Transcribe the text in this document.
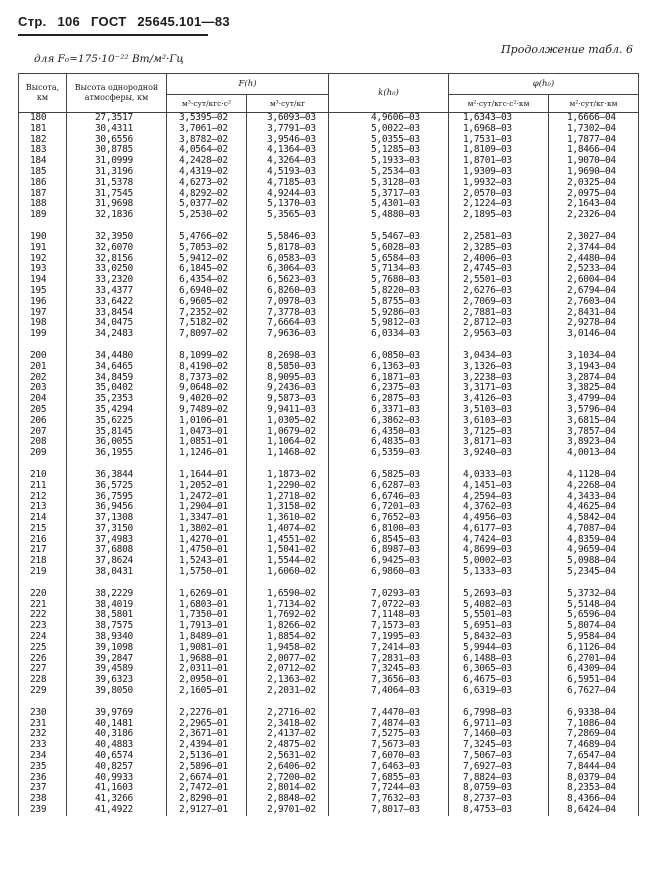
Стр. 106 ГОСТ 25645.101—83
для F₀=175·10⁻²² Вт/м²·Гц
Продолжение табл. 6
Высота, км	Высота однородной атмосферы, км	F(h)		k(h₀)	φ(h₀)	
		м³·сут/кгс·с²	м³·сут/кг		м²·сут/кгс·с²·км	м²·сут/кг·км
180	27,3517	3,5395—02	3,6093—03	4,9606—03	1,6343—03	1,6666—04
181	30,4311	3,7061—02	3,7791—03	5,0022—03	1,6968—03	1,7302—04
182	30,6556	3,8782—02	3,9546—03	5,0355—03	1,7531—03	1,7877—04
183	30,8785	4,0564—02	4,1364—03	5,1285—03	1,8109—03	1,8466—04
184	31,0999	4,2428—02	4,3264—03	5,1933—03	1,8701—03	1,9070—04
185	31,3196	4,4319—02	4,5193—03	5,2534—03	1,9309—03	1,9690—04
186	31,5378	4,6273—02	4,7185—03	5,3128—03	1,9932—03	2,0325—04
187	31,7545	4,8292—02	4,9244—03	5,3717—03	2,0570—03	2,0975—04
188	31,9698	5,0377—02	5,1370—03	5,4301—03	2,1224—03	2,1643—04
189	32,1836	5,2530—02	5,3565—03	5,4880—03	2,1895—03	2,2326—04

190	32,3950	5,4766—02	5,5846—03	5,5467—03	2,2581—03	2,3027—04
191	32,6070	5,7053—02	5,8178—03	5,6028—03	2,3285—03	2,3744—04
192	32,8156	5,9412—02	6,0583—03	5,6584—03	2,4006—03	2,4480—04
193	33,0250	6,1845—02	6,3064—03	5,7134—03	2,4745—03	2,5233—04
194	33,2320	6,4354—02	6,5623—03	5,7680—03	2,5501—03	2,6004—04
195	33,4377	6,6940—02	6,8260—03	5,8220—03	2,6276—03	2,6794—04
196	33,6422	6,9605—02	7,0978—03	5,8755—03	2,7069—03	2,7603—04
197	33,8454	7,2352—02	7,3778—03	5,9286—03	2,7881—03	2,8431—04
198	34,0475	7,5182—02	7,6664—03	5,9812—03	2,8712—03	2,9278—04
199	34,2483	7,8097—02	7,9636—03	6,0334—03	2,9563—03	3,0146—04

200	34,4480	8,1099—02	8,2698—03	6,0850—03	3,0434—03	3,1034—04
201	34,6465	8,4190—02	8,5850—03	6,1363—03	3,1326—03	3,1943—04
202	34,8459	8,7373—02	8,9095—03	6,1871—03	3,2238—03	3,2874—04
203	35,0402	9,0648—02	9,2436—03	6,2375—03	3,3171—03	3,3825—04
204	35,2353	9,4020—02	9,5873—03	6,2875—03	3,4126—03	3,4799—04
205	35,4294	9,7489—02	9,9411—03	6,3371—03	3,5103—03	3,5796—04
206	35,6225	1,0106—01	1,0305—02	6,3862—03	3,6103—03	3,6815—04
207	35,8145	1,0473—01	1,0679—02	6,4350—03	3,7125—03	3,7857—04
208	36,0055	1,0851—01	1,1064—02	6,4835—03	3,8171—03	3,8923—04
209	36,1955	1,1246—01	1,1468—02	6,5359—03	3,9240—03	4,0013—04

210	36,3844	1,1644—01	1,1873—02	6,5825—03	4,0333—03	4,1128—04
211	36,5725	1,2052—01	1,2290—02	6,6287—03	4,1451—03	4,2268—04
212	36,7595	1,2472—01	1,2718—02	6,6746—03	4,2594—03	4,3433—04
213	36,9456	1,2904—01	1,3158—02	6,7201—03	4,3762—03	4,4625—04
214	37,1308	1,3347—01	1,3610—02	6,7652—03	4,4956—03	4,5842—04
215	37,3150	1,3802—01	1,4074—02	6,8100—03	4,6177—03	4,7087—04
216	37,4983	1,4270—01	1,4551—02	6,8545—03	4,7424—03	4,8359—04
217	37,6808	1,4750—01	1,5041—02	6,8987—03	4,8699—03	4,9659—04
218	37,8624	1,5243—01	1,5544—02	6,9425—03	5,0002—03	5,0988—04
219	38,0431	1,5750—01	1,6060—02	6,9860—03	5,1333—03	5,2345—04

220	38,2229	1,6269—01	1,6590—02	7,0293—03	5,2693—03	5,3732—04
221	38,4019	1,6803—01	1,7134—02	7,0722—03	5,4082—03	5,5148—04
222	38,5801	1,7350—01	1,7692—02	7,1148—03	5,5501—03	5,6596—04
223	38,7575	1,7913—01	1,8266—02	7,1573—03	5,6951—03	5,8074—04
224	38,9340	1,8489—01	1,8854—02	7,1995—03	5,8432—03	5,9584—04
225	39,1098	1,9081—01	1,9458—02	7,2414—03	5,9944—03	6,1126—04
226	39,2847	1,9688—01	2,0077—02	7,2831—03	6,1488—03	6,2701—04
227	39,4589	2,0311—01	2,0712—02	7,3245—03	6,3065—03	6,4309—04
228	39,6323	2,0950—01	2,1363—02	7,3656—03	6,4675—03	6,5951—04
229	39,8050	2,1605—01	2,2031—02	7,4064—03	6,6319—03	6,7627—04

230	39,9769	2,2276—01	2,2716—02	7,4470—03	6,7998—03	6,9338—04
231	40,1481	2,2965—01	2,3418—02	7,4874—03	6,9711—03	7,1086—04
232	40,3186	2,3671—01	2,4137—02	7,5275—03	7,1460—03	7,2869—04
233	40,4883	2,4394—01	2,4875—02	7,5673—03	7,3245—03	7,4689—04
234	40,6574	2,5136—01	2,5631—02	7,6070—03	7,5067—03	7,6547—04
235	40,8257	2,5896—01	2,6406—02	7,6463—03	7,6927—03	7,8444—04
236	40,9933	2,6674—01	2,7200—02	7,6855—03	7,8824—03	8,0379—04
237	41,1603	2,7472—01	2,8014—02	7,7244—03	8,0759—03	8,2353—04
238	41,3266	2,8290—01	2,8848—02	7,7632—03	8,2737—03	8,4366—04
239	41,4922	2,9127—01	2,9701—02	7,8017—03	8,4753—03	8,6424—04
